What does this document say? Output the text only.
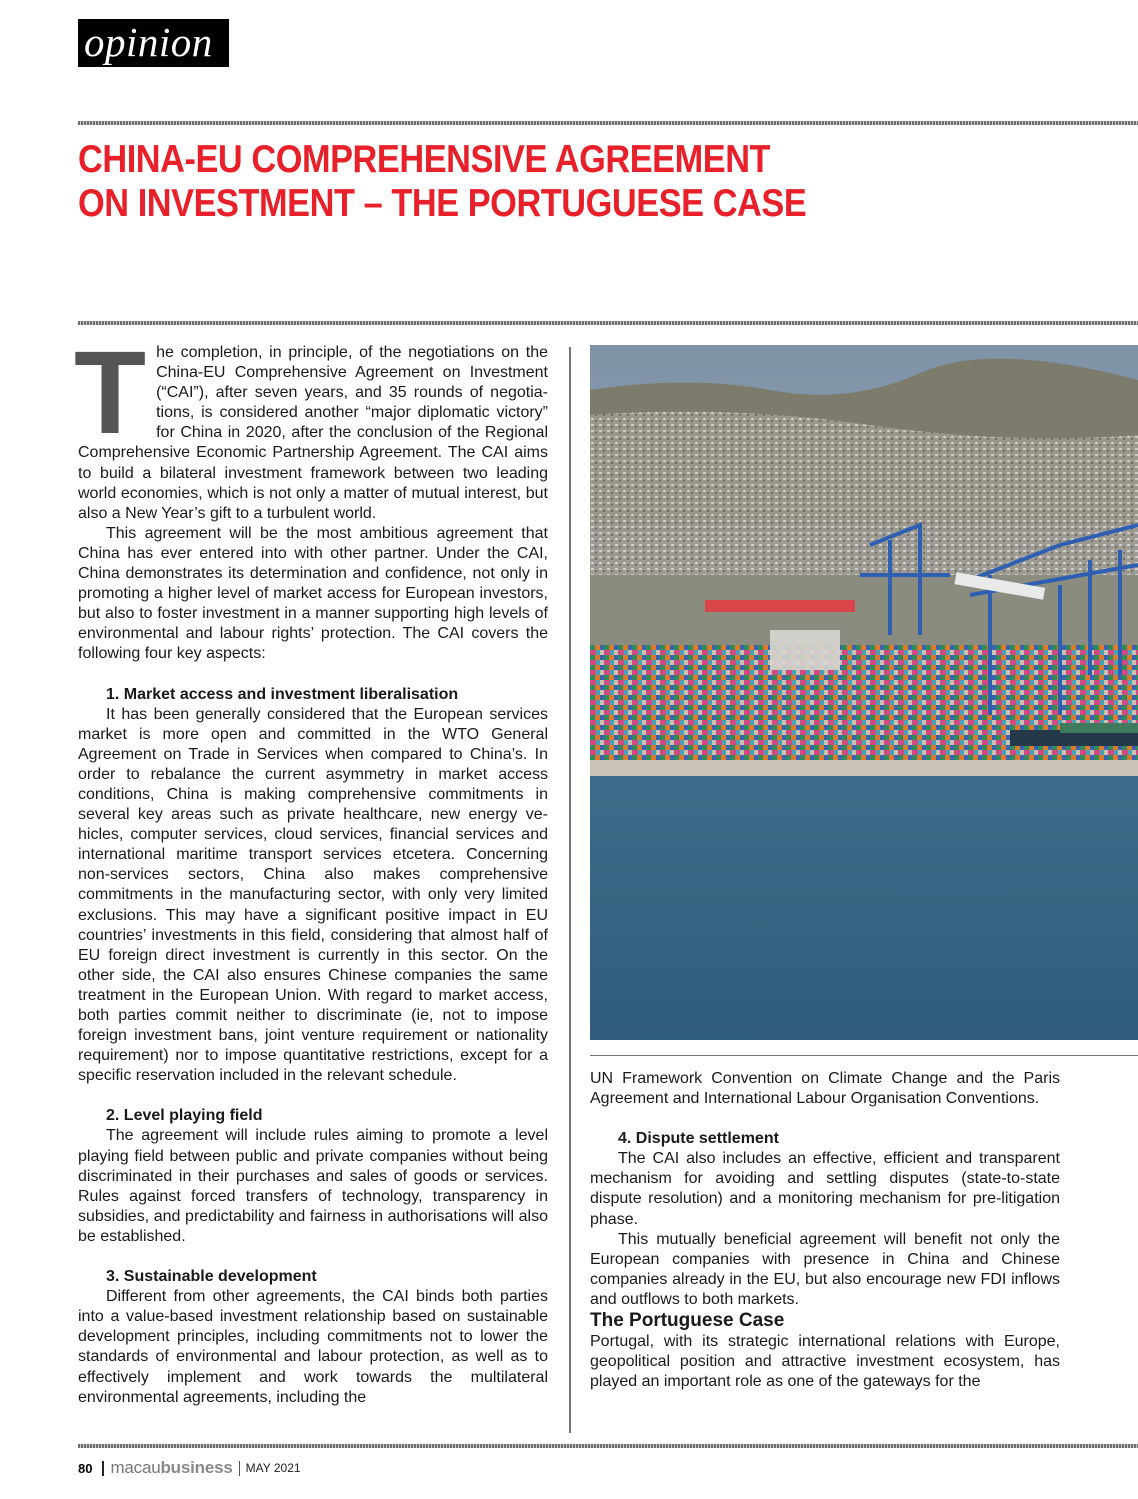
opinion
CHINA-EU COMPREHENSIVE AGREEMENT
ON INVESTMENT – THE PORTUGUESE CASE

The completion, in principle, of the negotiations on the China-EU Comprehensive Agreement on Investment (“CAI”), after seven years, and 35 rounds of negotiations, is considered another “major diplomatic victory” for China in 2020, after the conclusion of the Regional Comprehensive Economic Partnership Agreement. The CAI aims to build a bilateral investment framework between two leading world economies, which is not only a matter of mutual interest, but also a New Year’s gift to a turbulent world.

This agreement will be the most ambitious agreement that China has ever entered into with other partner. Under the CAI, China demonstrates its determination and confidence, not only in promoting a higher level of market access for European investors, but also to foster investment in a manner supporting high levels of environmental and labour rights’ protection. The CAI covers the following four key aspects:

1. Market access and investment liberalisation

It has been generally considered that the European services market is more open and committed in the WTO General Agreement on Trade in Services when compared to China’s. In order to rebalance the current asymmetry in market access conditions, China is making comprehensive commitments in several key areas such as private healthcare, new energy vehicles, computer services, cloud services, financial services and international maritime transport services etcetera. Concerning non-services sectors, China also makes comprehensive commitments in the manufacturing sector, with only very limited exclusions. This may have a significant positive impact in EU countries’ investments in this field, considering that almost half of EU foreign direct investment is currently in this sector. On the other side, the CAI also ensures Chinese companies the same treatment in the European Union. With regard to market access, both parties commit neither to discriminate (ie, not to impose foreign investment bans, joint venture requirement or nationality requirement) nor to impose quantitative restrictions, except for a specific reservation included in the relevant schedule.

2. Level playing field

The agreement will include rules aiming to promote a level playing field between public and private companies without being discriminated in their purchases and sales of goods or services. Rules against forced transfers of technology, transparency in subsidies, and predictability and fairness in authorisations will also be established.

3. Sustainable development

Different from other agreements, the CAI binds both parties into a value-based investment relationship based on sustainable development principles, including commitments not to lower the standards of environmental and labour protection, as well as to effectively implement and work towards the multilateral environmental agreements, including the

UN Framework Convention on Climate Change and the Paris Agreement and International Labour Organisation Conventions.

4. Dispute settlement

The CAI also includes an effective, efficient and transparent mechanism for avoiding and settling disputes (state-to-state dispute resolution) and a monitoring mechanism for pre-litigation phase.

This mutually beneficial agreement will benefit not only the European companies with presence in China and Chinese companies already in the EU, but also encourage new FDI inflows and outflows to both markets.

The Portuguese Case

Portugal, with its strategic international relations with Europe, geopolitical position and attractive investment ecosystem, has played an important role as one of the gateways for the

80 macaubusiness MAY 2021
